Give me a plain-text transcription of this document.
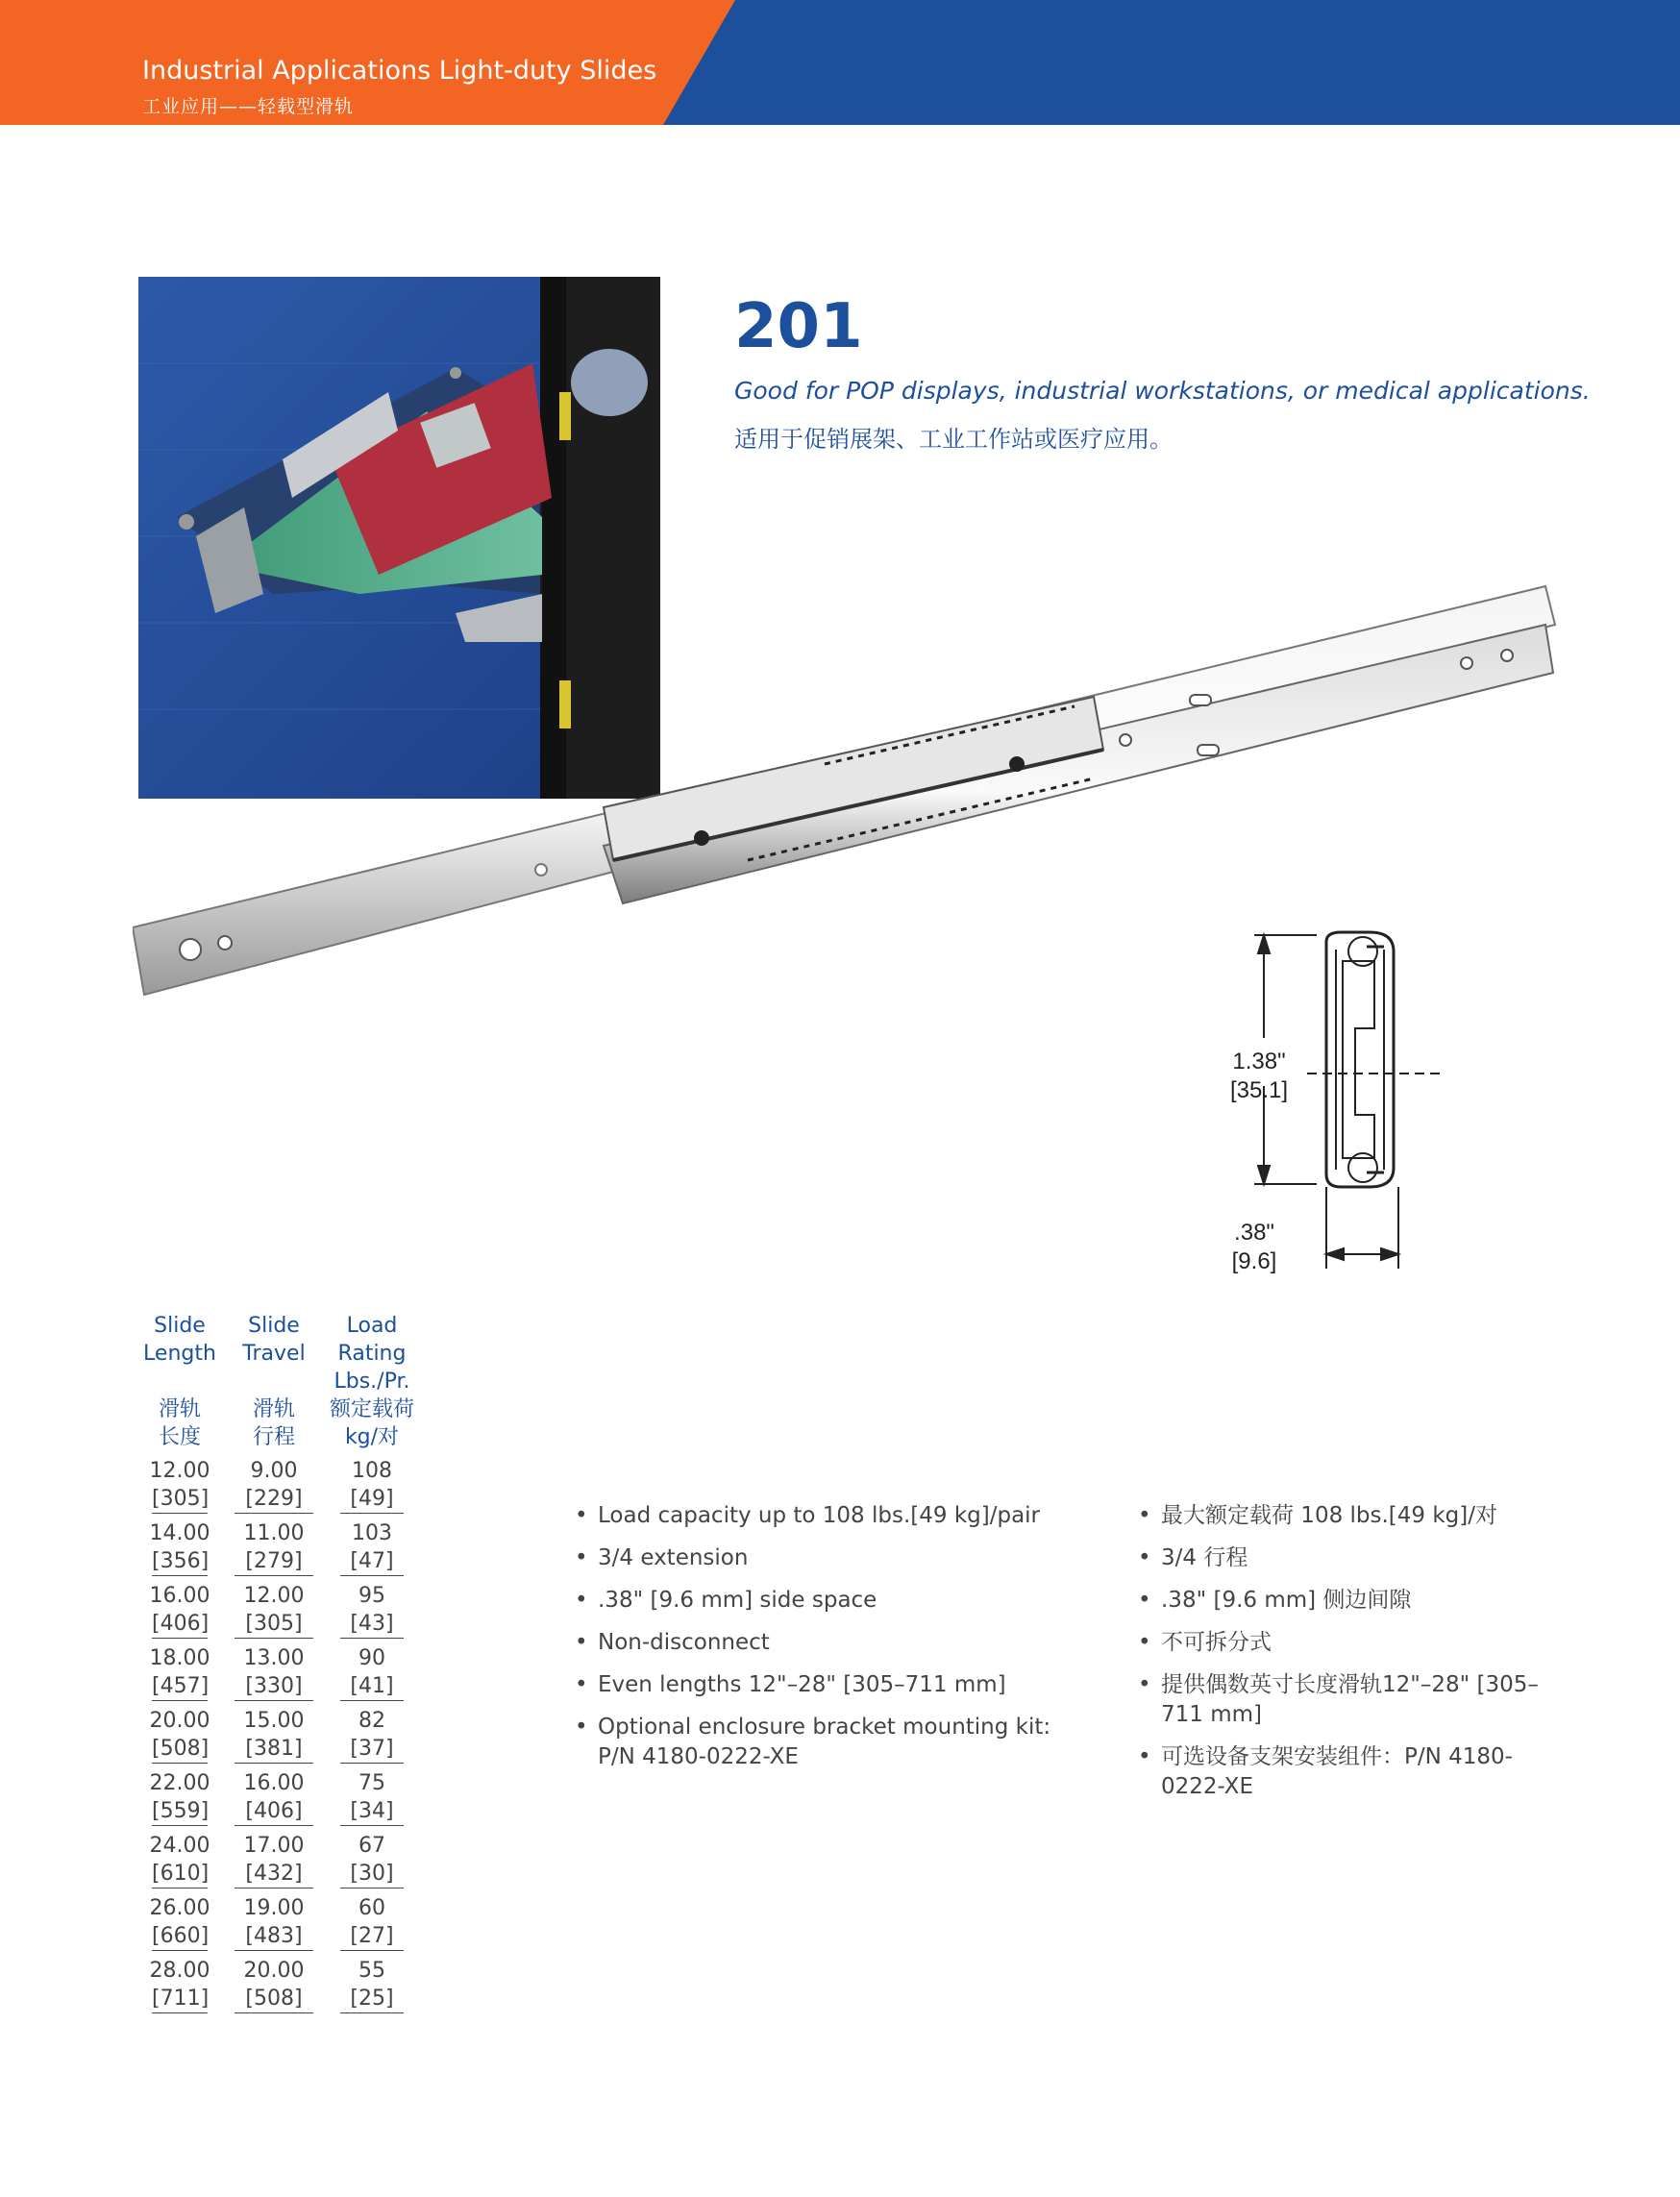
Industrial Applications Light-duty Slides
工业应用——轻载型滑轨
201
Good for POP displays, industrial workstations, or medical applications.
适用于促销展架、工业工作站或医疗应用。
1.38"
[35.1]
.38"
[9.6]
Slide
Length
滑轨
长度
Slide
Travel
滑轨
行程
Load
Rating
Lbs./Pr.
额定载荷
kg/对
12.00
[305]
9.00
[229]
108
[49]
14.00
[356]
11.00
[279]
103
[47]
16.00
[406]
12.00
[305]
95
[43]
18.00
[457]
13.00
[330]
90
[41]
20.00
[508]
15.00
[381]
82
[37]
22.00
[559]
16.00
[406]
75
[34]
24.00
[610]
17.00
[432]
67
[30]
26.00
[660]
19.00
[483]
60
[27]
28.00
[711]
20.00
[508]
55
[25]
• Load capacity up to 108 lbs.[49 kg]/pair
• 3/4 extension
• .38" [9.6 mm] side space
• Non-disconnect
• Even lengths 12"–28" [305–711 mm]
• Optional enclosure bracket mounting kit: P/N 4180-0222-XE
• 最大额定载荷 108 lbs.[49 kg]/对
• 3/4 行程
• .38" [9.6 mm] 侧边间隙
• 不可拆分式
• 提供偶数英寸长度滑轨12"–28" [305–711 mm]
• 可选设备支架安装组件：P/N 4180-0222-XE
